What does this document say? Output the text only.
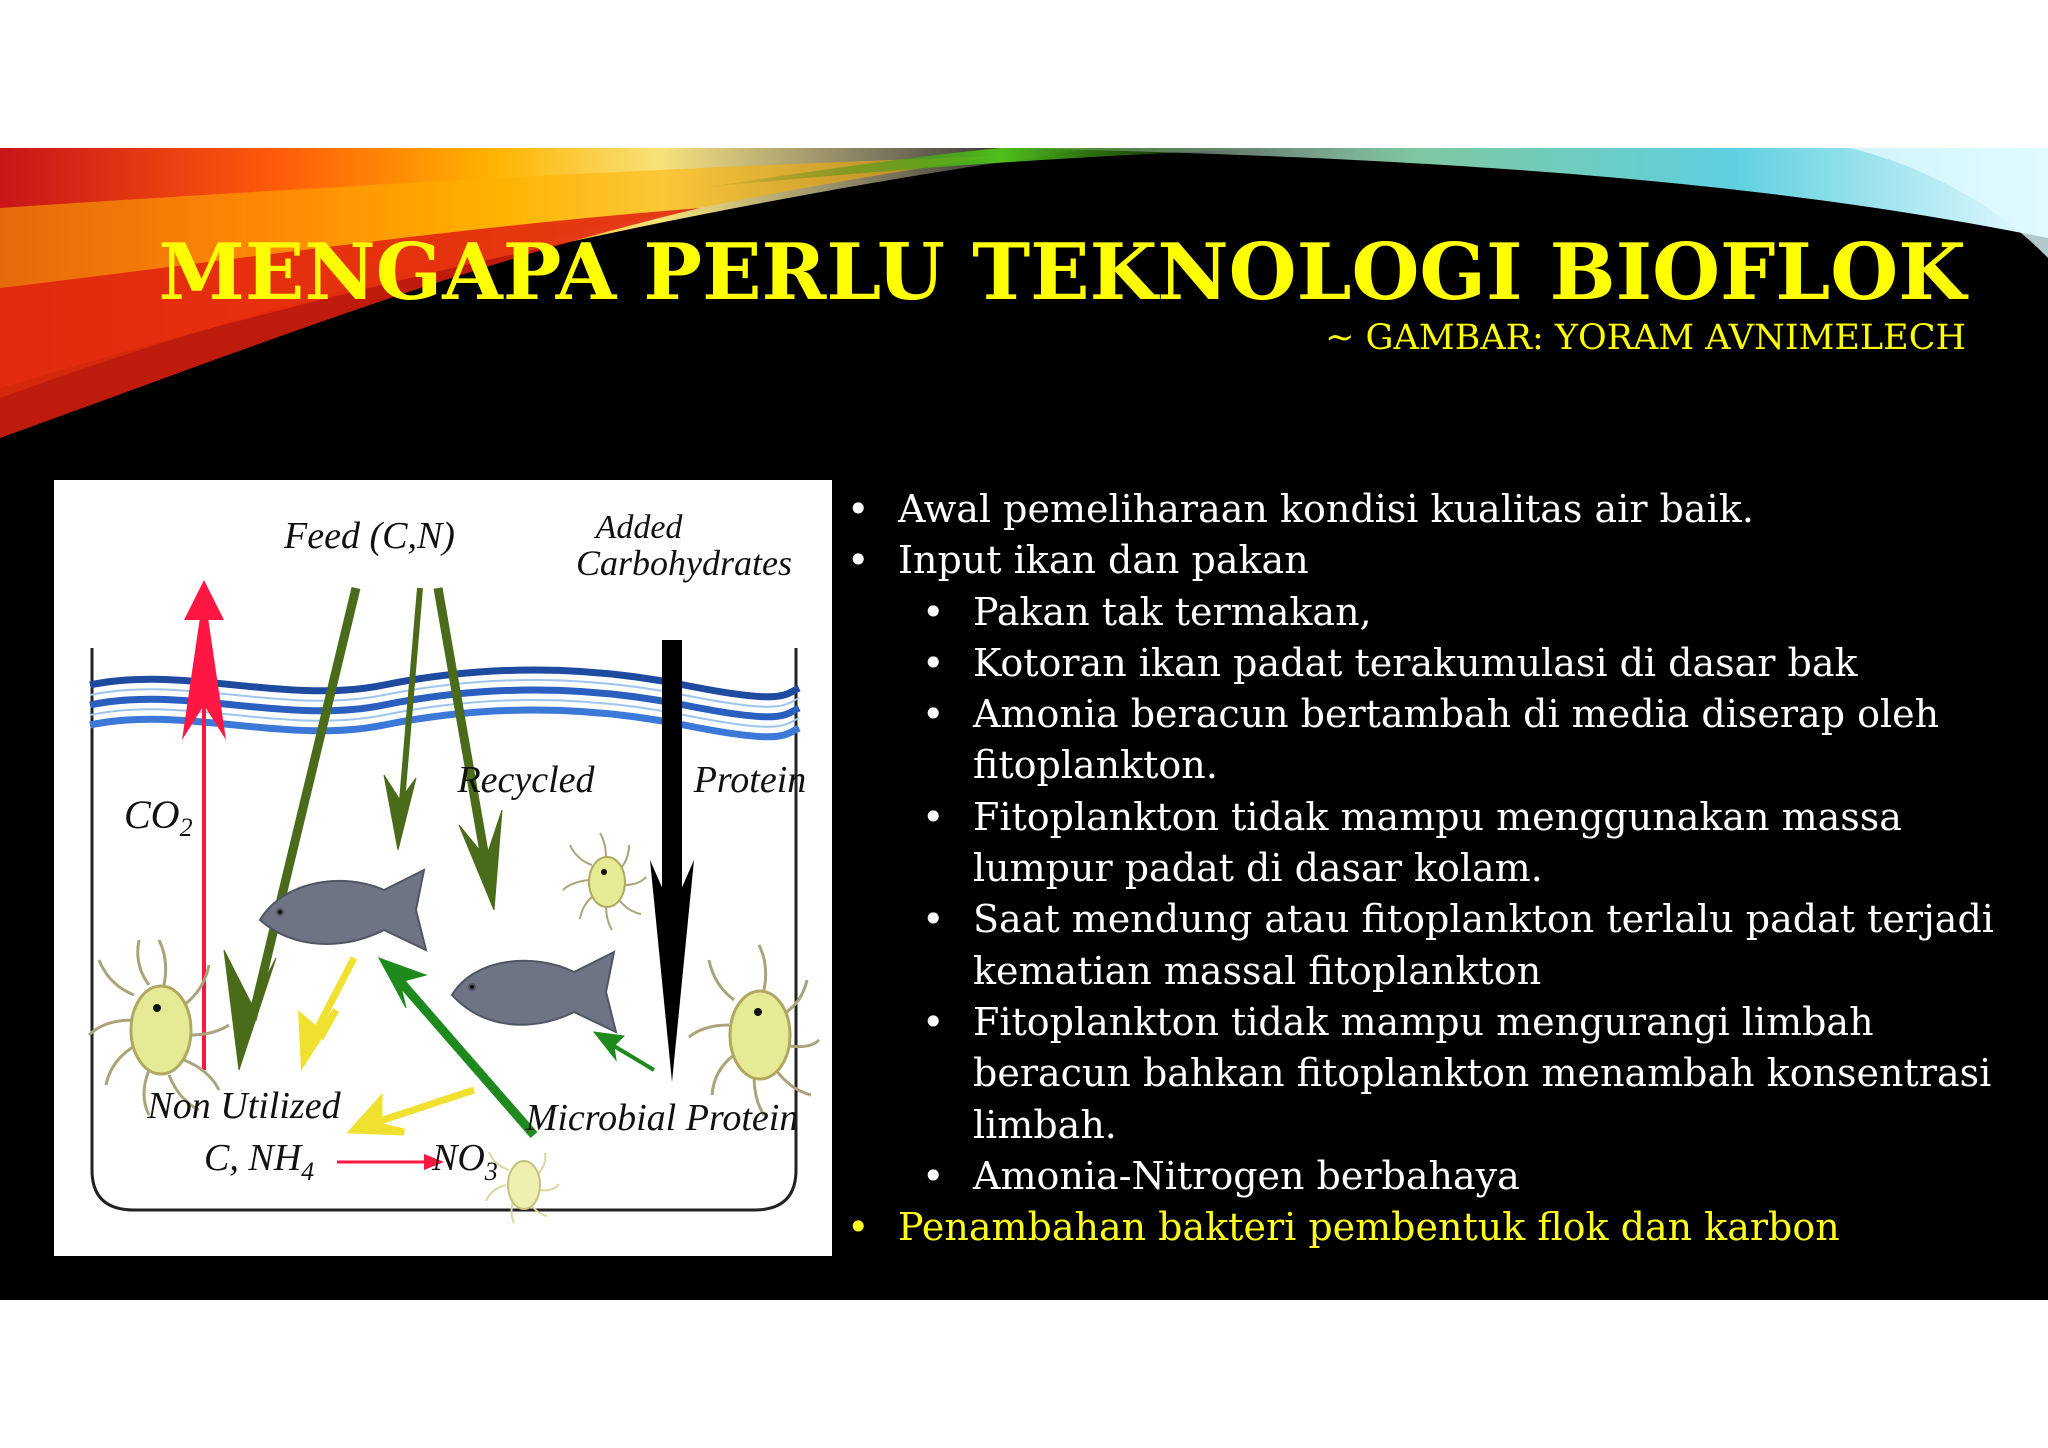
MENGAPA PERLU TEKNOLOGI BIOFLOK
~ GAMBAR: YORAM AVNIMELECH
Feed (C,N)	Added
Carbohydrates
Recycled	Protein
$CO_2$
Non Utilized
C, $NH_4$	$NO_3$
Microbial Protein
• Awal pemeliharaan kondisi kualitas air baik.
• Input ikan dan pakan
• Pakan tak termakan,
• Kotoran ikan padat terakumulasi di dasar bak
• Amonia beracun bertambah di media diserap oleh fitoplankton.
• Fitoplankton tidak mampu menggunakan massa lumpur padat di dasar kolam.
• Saat mendung atau fitoplankton terlalu padat terjadi kematian massal fitoplankton
• Fitoplankton tidak mampu mengurangi limbah beracun bahkan fitoplankton menambah konsentrasi limbah.
• Amonia-Nitrogen berbahaya
• Penambahan bakteri pembentuk flok dan karbon
